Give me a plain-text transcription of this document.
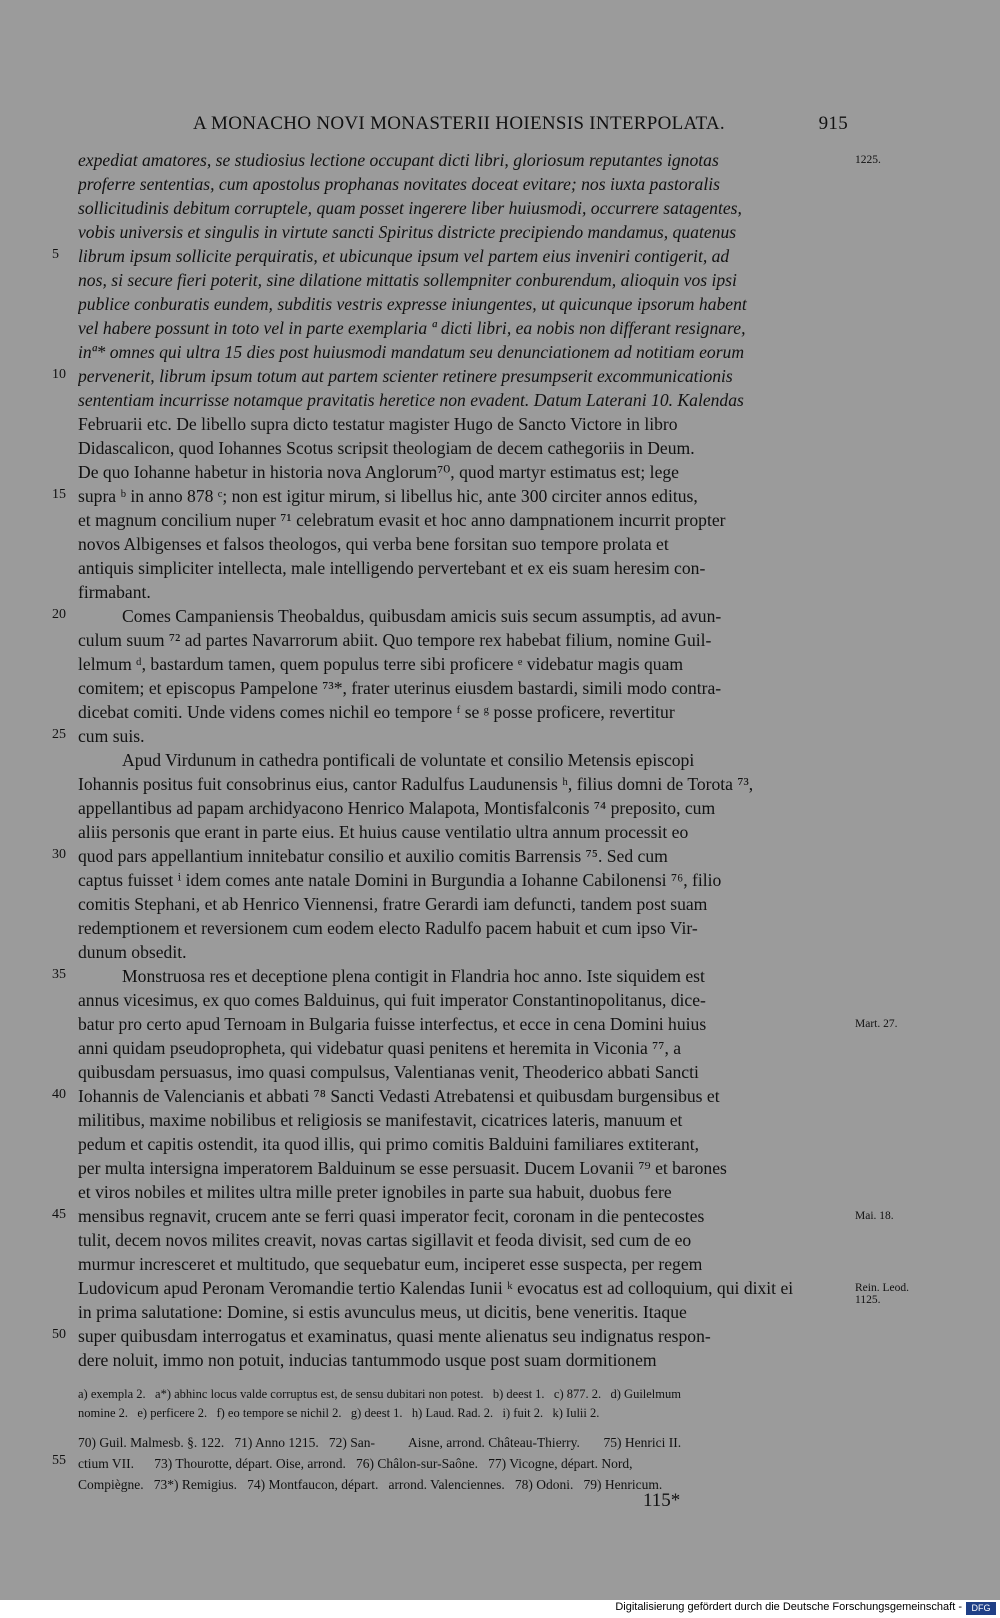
A MONACHO NOVI MONASTERII HOIENSIS INTERPOLATA.	915
expediat amatores, se studiosius lectione occupant dicti libri, gloriosum reputantes ignotas
proferre sententias, cum apostolus prophanas novitates doceat evitare; nos iuxta pastoralis
sollicitudinis debitum corruptele, quam posset ingerere liber huiusmodi, occurrere satagentes,
vobis universis et singulis in virtute sancti Spiritus districte precipiendo mandamus, quatenus
librum ipsum sollicite perquiratis, et ubicunque ipsum vel partem eius inveniri contigerit, ad
nos, si secure fieri poterit, sine dilatione mittatis sollempniter conburendum, alioquin vos ipsi
publice conburatis eundem, subditis vestris expresse iniungentes, ut quicunque ipsorum habent
vel habere possunt in toto vel in parte exemplaria ª dicti libri, ea nobis non differant resignare,
inª* omnes qui ultra 15 dies post huiusmodi mandatum seu denunciationem ad notitiam eorum
pervenerit, librum ipsum totum aut partem scienter retinere presumpserit excommunicationis
sententiam incurrisse notamque pravitatis heretice non evadent. Datum Laterani 10. Kalendas
Februarii etc. De libello supra dicto testatur magister Hugo de Sancto Victore in libro
Didascalicon, quod Iohannes Scotus scripsit theologiam de decem cathegoriis in Deum.
De quo Iohanne habetur in historia nova Anglorum⁷⁰, quod martyr estimatus est; lege
supra ᵇ in anno 878 ᶜ; non est igitur mirum, si libellus hic, ante 300 circiter annos editus,
et magnum concilium nuper ⁷¹ celebratum evasit et hoc anno dampnationem incurrit propter
novos Albigenses et falsos theologos, qui verba bene forsitan suo tempore prolata et
antiquis simpliciter intellecta, male intelligendo pervertebant et ex eis suam heresim con-
firmabant.
Comes Campaniensis Theobaldus, quibusdam amicis suis secum assumptis, ad avun-
culum suum ⁷² ad partes Navarrorum abiit. Quo tempore rex habebat filium, nomine Guil-
lelmum ᵈ, bastardum tamen, quem populus terre sibi proficere ᵉ videbatur magis quam
comitem; et episcopus Pampelone ⁷³*, frater uterinus eiusdem bastardi, simili modo contra-
dicebat comiti. Unde videns comes nichil eo tempore ᶠ se ᵍ posse proficere, revertitur
cum suis.
Apud Virdunum in cathedra pontificali de voluntate et consilio Metensis episcopi
Iohannis positus fuit consobrinus eius, cantor Radulfus Laudunensis ʰ, filius domni de Torota ⁷³,
appellantibus ad papam archidyacono Henrico Malapota, Montisfalconis ⁷⁴ preposito, cum
aliis personis que erant in parte eius. Et huius cause ventilatio ultra annum processit eo
quod pars appellantium innitebatur consilio et auxilio comitis Barrensis ⁷⁵. Sed cum
captus fuisset ⁱ idem comes ante natale Domini in Burgundia a Iohanne Cabilonensi ⁷⁶, filio
comitis Stephani, et ab Henrico Viennensi, fratre Gerardi iam defuncti, tandem post suam
redemptionem et reversionem cum eodem electo Radulfo pacem habuit et cum ipso Vir-
dunum obsedit.
Monstruosa res et deceptione plena contigit in Flandria hoc anno. Iste siquidem est
annus vicesimus, ex quo comes Balduinus, qui fuit imperator Constantinopolitanus, dice-
batur pro certo apud Ternoam in Bulgaria fuisse interfectus, et ecce in cena Domini huius
anni quidam pseudopropheta, qui videbatur quasi penitens et heremita in Viconia ⁷⁷, a
quibusdam persuasus, imo quasi compulsus, Valentianas venit, Theoderico abbati Sancti
Iohannis de Valencianis et abbati ⁷⁸ Sancti Vedasti Atrebatensi et quibusdam burgensibus et
militibus, maxime nobilibus et religiosis se manifestavit, cicatrices lateris, manuum et
pedum et capitis ostendit, ita quod illis, qui primo comitis Balduini familiares extiterant,
per multa intersigna imperatorem Balduinum se esse persuasit. Ducem Lovanii ⁷⁹ et barones
et viros nobiles et milites ultra mille preter ignobiles in parte sua habuit, duobus fere
mensibus regnavit, crucem ante se ferri quasi imperator fecit, coronam in die pentecostes
tulit, decem novos milites creavit, novas cartas sigillavit et feoda divisit, sed cum de eo
murmur incresceret et multitudo, que sequebatur eum, inciperet esse suspecta, per regem
Ludovicum apud Peronam Veromandie tertio Kalendas Iunii ᵏ evocatus est ad colloquium, qui dixit ei
in prima salutatione: Domine, si estis avunculus meus, ut dicitis, bene veneritis. Itaque
super quibusdam interrogatus et examinatus, quasi mente alienatus seu indignatus respon-
dere noluit, immo non potuit, inducias tantummodo usque post suam dormitionem
a) exempla 2.   a*) abhinc locus valde corruptus est, de sensu dubitari non potest.   b) deest 1.   c) 877. 2.   d) Guilelmum
nomine 2.   e) perficere 2.   f) eo tempore se nichil 2.   g) deest 1.   h) Laud. Rad. 2.   i) fuit 2.   k) Iulii 2.
70) Guil. Malmesb. §. 122.   71) Anno 1215.   72) San-          Aisne, arrond. Château-Thierry.       75) Henrici II.
ctium VII.      73) Thourotte, départ. Oise, arrond.   76) Châlon-sur-Saône.   77) Vicogne, départ. Nord,
Compiègne.   73*) Remigius.   74) Montfaucon, départ.   arrond. Valenciennes.   78) Odoni.   79) Henricum.
55
115*
Digitalisierung gefördert durch die Deutsche Forschungsgemeinschaft -	DFG
5
10
15
20
25
30
35
40
45
50
1225.
Mart. 27.
Mai. 18.
Rein. Leod.
1125.
